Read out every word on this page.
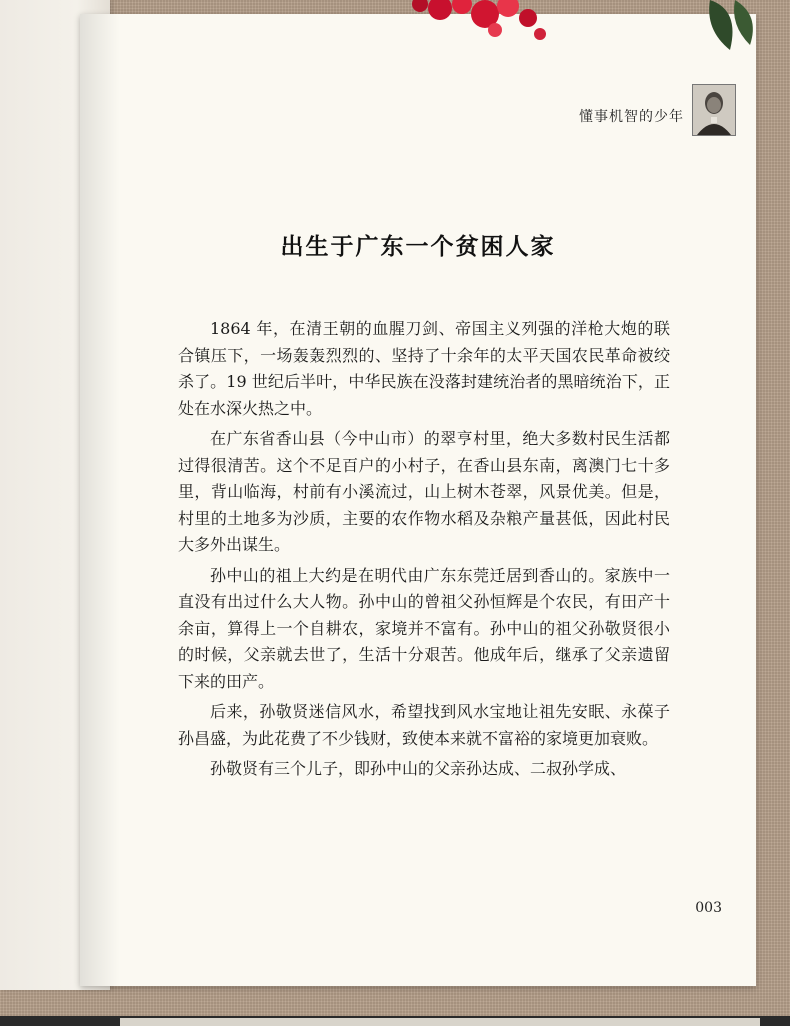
懂事机智的少年
出生于广东一个贫困人家

1864 年，在清王朝的血腥刀剑、帝国主义列强的洋枪大炮的联合镇压下，一场轰轰烈烈的、坚持了十余年的太平天国农民革命被绞杀了。19 世纪后半叶，中华民族在没落封建统治者的黑暗统治下，正处在水深火热之中。

在广东省香山县（今中山市）的翠亨村里，绝大多数村民生活都过得很清苦。这个不足百户的小村子，在香山县东南，离澳门七十多里，背山临海，村前有小溪流过，山上树木苍翠，风景优美。但是，村里的土地多为沙质，主要的农作物水稻及杂粮产量甚低，因此村民大多外出谋生。

孙中山的祖上大约是在明代由广东东莞迁居到香山的。家族中一直没有出过什么大人物。孙中山的曾祖父孙恒辉是个农民，有田产十余亩，算得上一个自耕农，家境并不富有。孙中山的祖父孙敬贤很小的时候，父亲就去世了，生活十分艰苦。他成年后，继承了父亲遗留下来的田产。

后来，孙敬贤迷信风水，希望找到风水宝地让祖先安眠、永葆子孙昌盛，为此花费了不少钱财，致使本来就不富裕的家境更加衰败。

孙敬贤有三个儿子，即孙中山的父亲孙达成、二叔孙学成、

003
